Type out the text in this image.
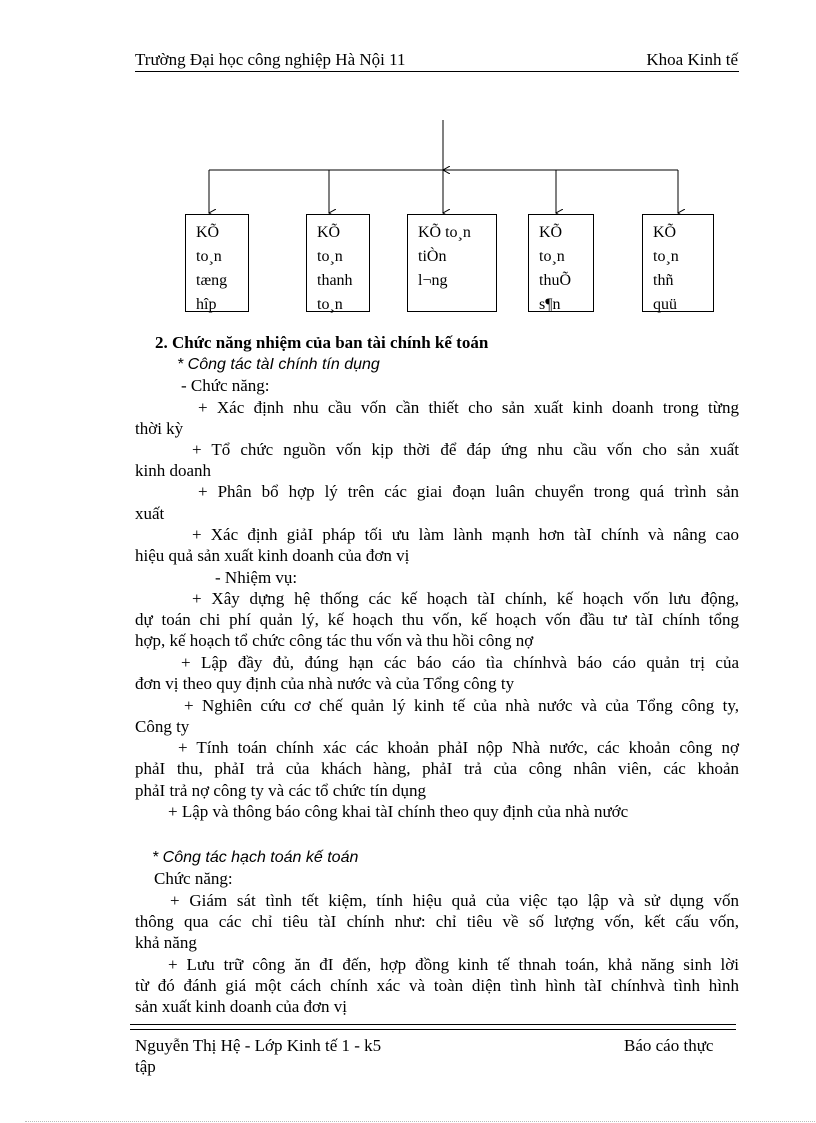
Trường Đại học công nghiệp Hà Nội 11	Khoa Kinh tế
KÕ
to¸n
tæng
hîp
KÕ
to¸n
thanh
to¸n
KÕ to¸n
tiÒn
l¬ng
KÕ
to¸n
thuÕ
s¶n
KÕ
to¸n
thñ
quü
2. Chức năng nhiệm của ban tài chính kế toán
* Công tác tàI chính tín dụng
- Chức năng:
+ Xác định nhu cầu vốn cần thiết cho sản xuất kinh doanh trong từng
thời kỳ
+ Tổ chức nguồn vốn kịp thời để đáp ứng nhu cầu vốn cho sản xuất
kinh doanh
+ Phân bổ hợp lý trên các giai đoạn luân chuyển trong quá trình sản
xuất
+ Xác định giảI pháp tối ưu làm lành mạnh hơn tàI chính và nâng cao
hiệu quả sản xuất kinh doanh của đơn vị
- Nhiệm vụ:
+ Xây dựng hệ thống các kế hoạch tàI chính, kế hoạch vốn lưu động,
dự toán chi phí quản lý, kế hoạch thu vốn, kế hoạch vốn đầu tư tàI chính tổng
hợp, kế hoạch tổ chức công tác thu vốn và thu hồi công nợ
+ Lập đầy đủ, đúng hạn các báo cáo tìa chínhvà báo cáo quản trị của
đơn vị theo quy định của nhà nước và của Tổng công ty
+ Nghiên cứu cơ chế quản lý kinh tế của nhà nước và của Tổng công ty,
Công ty
+ Tính toán chính xác các khoản phảI nộp Nhà nước, các khoản công nợ
phảI thu, phảI trả của khách hàng, phảI trả của công nhân viên, các khoản
phảI trả nợ công ty và các tổ chức tín dụng
+ Lập và thông báo công khai tàI chính theo quy định của nhà nước
* Công tác hạch toán kế toán
Chức năng:
+ Giám sát tình tết kiệm, tính hiệu quả của việc tạo lập và sử dụng vốn
thông qua các chỉ tiêu tàI chính như: chỉ tiêu về số lượng vốn, kết cấu vốn,
khả năng
+ Lưu trữ công ăn đI đến, hợp đồng kinh tế thnah toán, khả năng sinh lời
từ đó đánh giá một cách chính xác và toàn diện tình hình tàI chínhvà tình hình
sản xuất kinh doanh của đơn vị
Nguyễn Thị Hệ - Lớp Kinh tế 1 - k5	Báo cáo thực
tập
